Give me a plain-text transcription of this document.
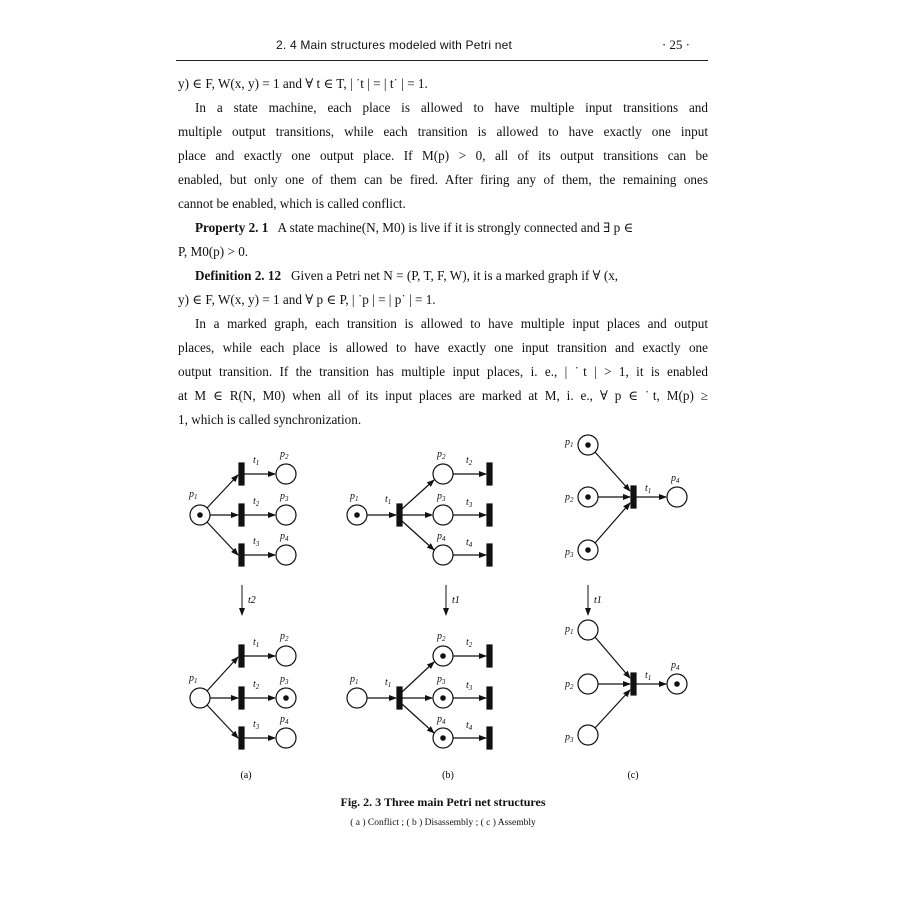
2. 4 Main structures modeled with Petri net	· 25 ·
y) ∈ F, W(x, y) = 1 and ∀ t ∈ T, | ˙t | = | t˙ | = 1.
In a state machine, each place is allowed to have multiple input transitions and
multiple output transitions, while each transition is allowed to have exactly one input
place and exactly one output place. If M(p) > 0, all of its output transitions can be
enabled, but only one of them can be fired. After firing any of them, the remaining ones
cannot be enabled, which is called conflict.
Property 2. 1 A state machine(N, M0) is live if it is strongly connected and ∃ p ∈
P, M0(p) > 0.
Definition 2. 12 Given a Petri net N = (P, T, F, W), it is a marked graph if ∀ (x,
y) ∈ F, W(x, y) = 1 and ∀ p ∈ P, | ˙p | = | p˙ | = 1.
In a marked graph, each transition is allowed to have multiple input places and output
places, while each place is allowed to have exactly one input transition and exactly one
output transition. If the transition has multiple input places, i. e., | ˙t | > 1, it is enabled
at M ∈ R(N, M0) when all of its input places are marked at M, i. e., ∀ p ∈ ˙t, M(p) ≥
1, which is called synchronization.
$p_1$
$t_1$
$t_2$
$t_3$
$p_2$
$p_3$
$p_4$
t2
$p_1$
$t_1$
$t_2$
$t_3$
$p_2$
$p_3$
$p_4$
(a)
$p_1$	$t_1$
$p_2$
$p_3$
$p_4$
$t_2$
$t_3$
$t_4$
t1
$p_1$	$t_1$
$p_2$
$p_3$
$p_4$
$t_2$
$t_3$
$t_4$
(b)
$p_1$
$p_2$
$p_3$
$t_1$
$p_4$
t1
$p_1$
$p_2$
$p_3$
$t_1$
$p_4$
(c)
Fig. 2. 3 Three main Petri net structures
( a ) Conflict ; ( b ) Disassembly ; ( c ) Assembly
